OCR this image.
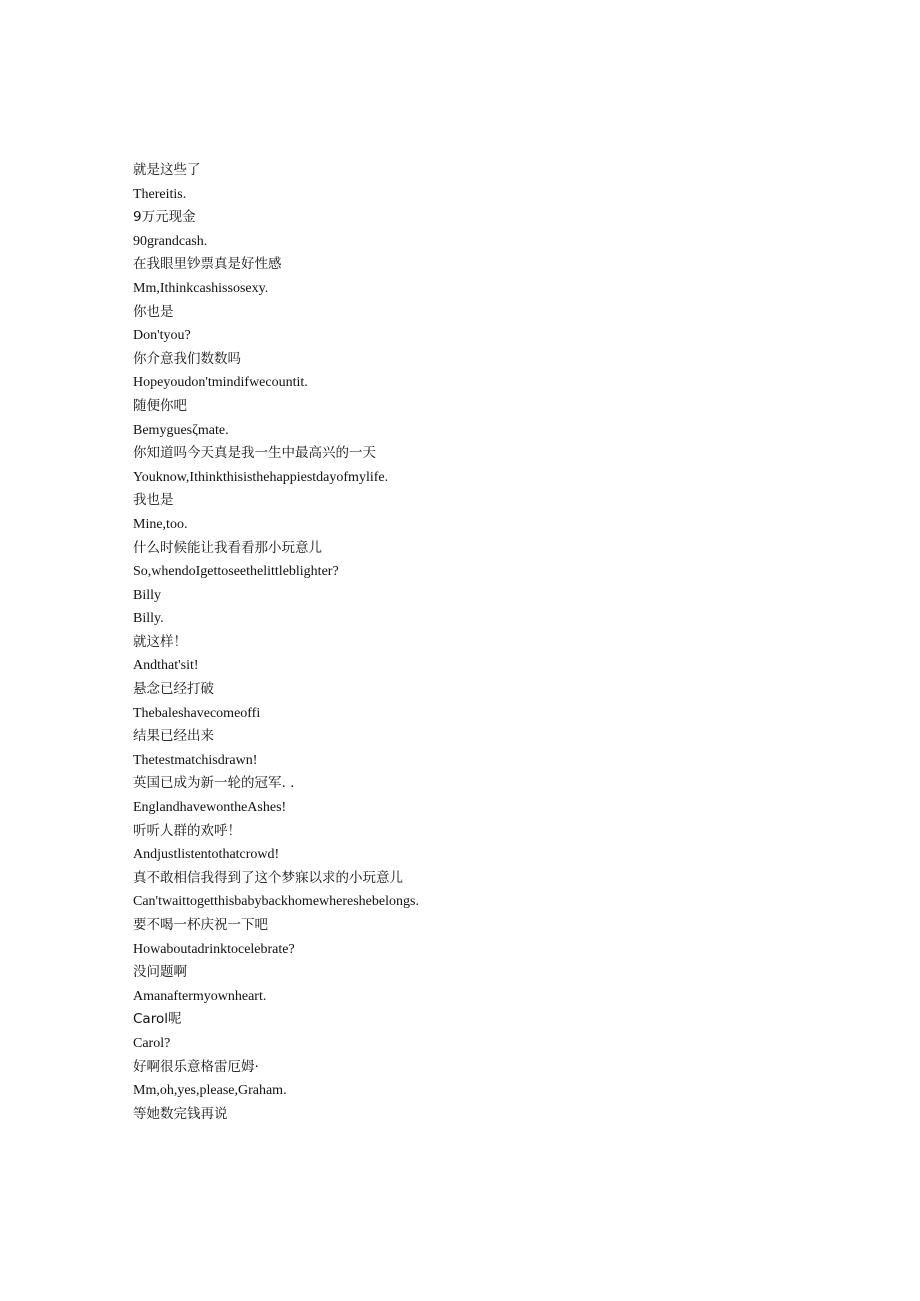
就是这些了
Thereitis.
9万元现金
90grandcash.
在我眼里钞票真是好性感
Mm,Ithinkcashissosexy.
你也是
Don'tyou?
你介意我们数数吗
Hopeyoudon'tmindifwecountit.
随便你吧
Bemyguesζmate.
你知道吗今天真是我一生中最高兴的一天
Youknow,Ithinkthisisthehappiestdayofmylife.
我也是
Mine,too.
什么时候能让我看看那小玩意儿
So,whendoIgettoseethelittleblighter?
Billy
Billy.
就这样！
Andthat'sit!
悬念已经打破
Thebaleshavecomeoffi
结果已经出来
Thetestmatchisdrawn!
英国已成为新一轮的冠军. .
EnglandhavewontheAshes!
听听人群的欢呼！
Andjustlistentothatcrowd!
真不敢相信我得到了这个梦寐以求的小玩意儿
Can'twaittogetthisbabybackhomewhereshebelongs.
要不喝一杯庆祝一下吧
Howaboutadrinktocelebrate?
没问题啊
Amanaftermyownheart.
Carol呢
Carol?
好啊很乐意格雷厄姆·
Mm,oh,yes,please,Graham.
等她数完钱再说
